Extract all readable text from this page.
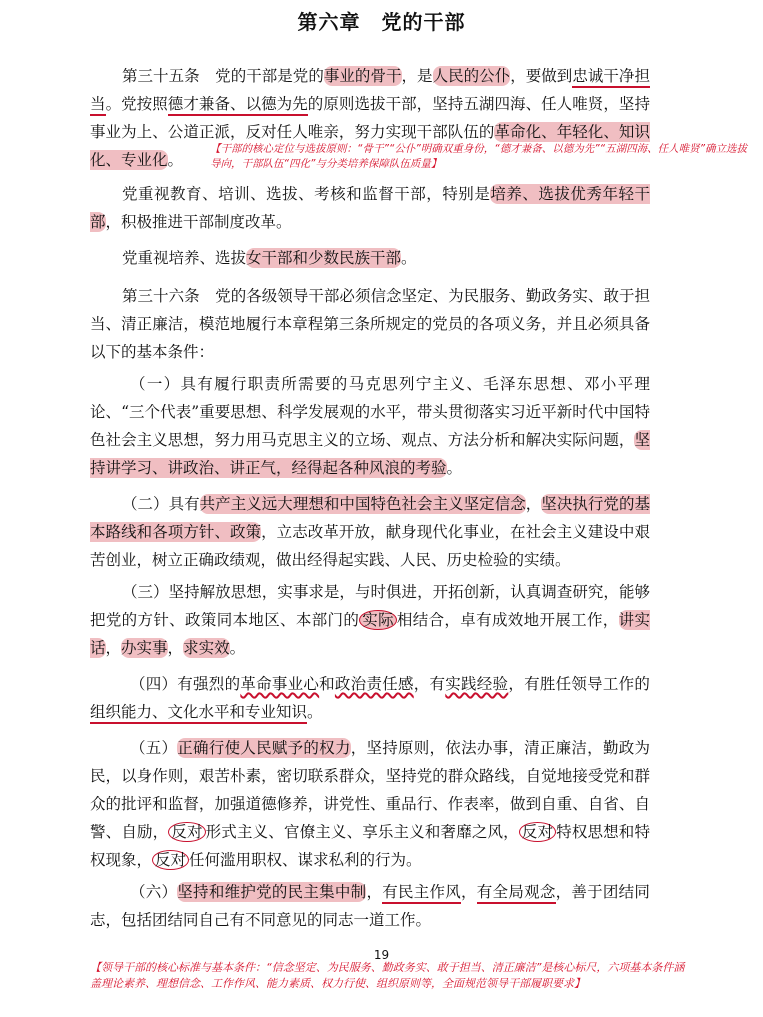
第六章　党的干部
第三十五条　党的干部是党的事业的骨干，是人民的公仆，要做到忠诚干净担当。党按照德才兼备、以德为先的原则选拔干部，坚持五湖四海、任人唯贤，坚持事业为上、公道正派，反对任人唯亲，努力实现干部队伍的革命化、年轻化、知识化、专业化。
【干部的核心定位与选拔原则：“骨干”“公仆”明确双重身份，“德才兼备、以德为先”“五湖四海、任人唯贤”确立选拔导向，干部队伍“四化”与分类培养保障队伍质量】
党重视教育、培训、选拔、考核和监督干部，特别是培养、选拔优秀年轻干部，积极推进干部制度改革。
党重视培养、选拔女干部和少数民族干部。
第三十六条　党的各级领导干部必须信念坚定、为民服务、勤政务实、敢于担当、清正廉洁，模范地履行本章程第三条所规定的党员的各项义务，并且必须具备以下的基本条件：
（一）具有履行职责所需要的马克思列宁主义、毛泽东思想、邓小平理论、“三个代表”重要思想、科学发展观的水平，带头贯彻落实习近平新时代中国特色社会主义思想，努力用马克思主义的立场、观点、方法分析和解决实际问题，坚持讲学习、讲政治、讲正气，经得起各种风浪的考验。
（二）具有共产主义远大理想和中国特色社会主义坚定信念，坚决执行党的基本路线和各项方针、政策，立志改革开放，献身现代化事业，在社会主义建设中艰苦创业，树立正确政绩观，做出经得起实践、人民、历史检验的实绩。
（三）坚持解放思想，实事求是，与时俱进，开拓创新，认真调查研究，能够把党的方针、政策同本地区、本部门的 实际 相结合，卓有成效地开展工作，讲实话，办实事，求实效。
（四）有强烈的革命事业心和政治责任感，有实践经验，有胜任领导工作的组织能力、文化水平和专业知识。
（五）正确行使人民赋予的权力，坚持原则，依法办事，清正廉洁，勤政为民，以身作则，艰苦朴素，密切联系群众，坚持党的群众路线，自觉地接受党和群众的批评和监督，加强道德修养，讲党性、重品行、作表率，做到自重、自省、自警、自励， 反对 形式主义、官僚主义、享乐主义和奢靡之风， 反对 特权思想和特权现象， 反对 任何滥用职权、谋求私利的行为。
（六）坚持和维护党的民主集中制，有民主作风，有全局观念，善于团结同志，包括团结同自己有不同意见的同志一道工作。
19
【领导干部的核心标准与基本条件：“信念坚定、为民服务、勤政务实、敢于担当、清正廉洁”是核心标尺，六项基本条件涵盖理论素养、理想信念、工作作风、能力素质、权力行使、组织原则等，全面规范领导干部履职要求】
